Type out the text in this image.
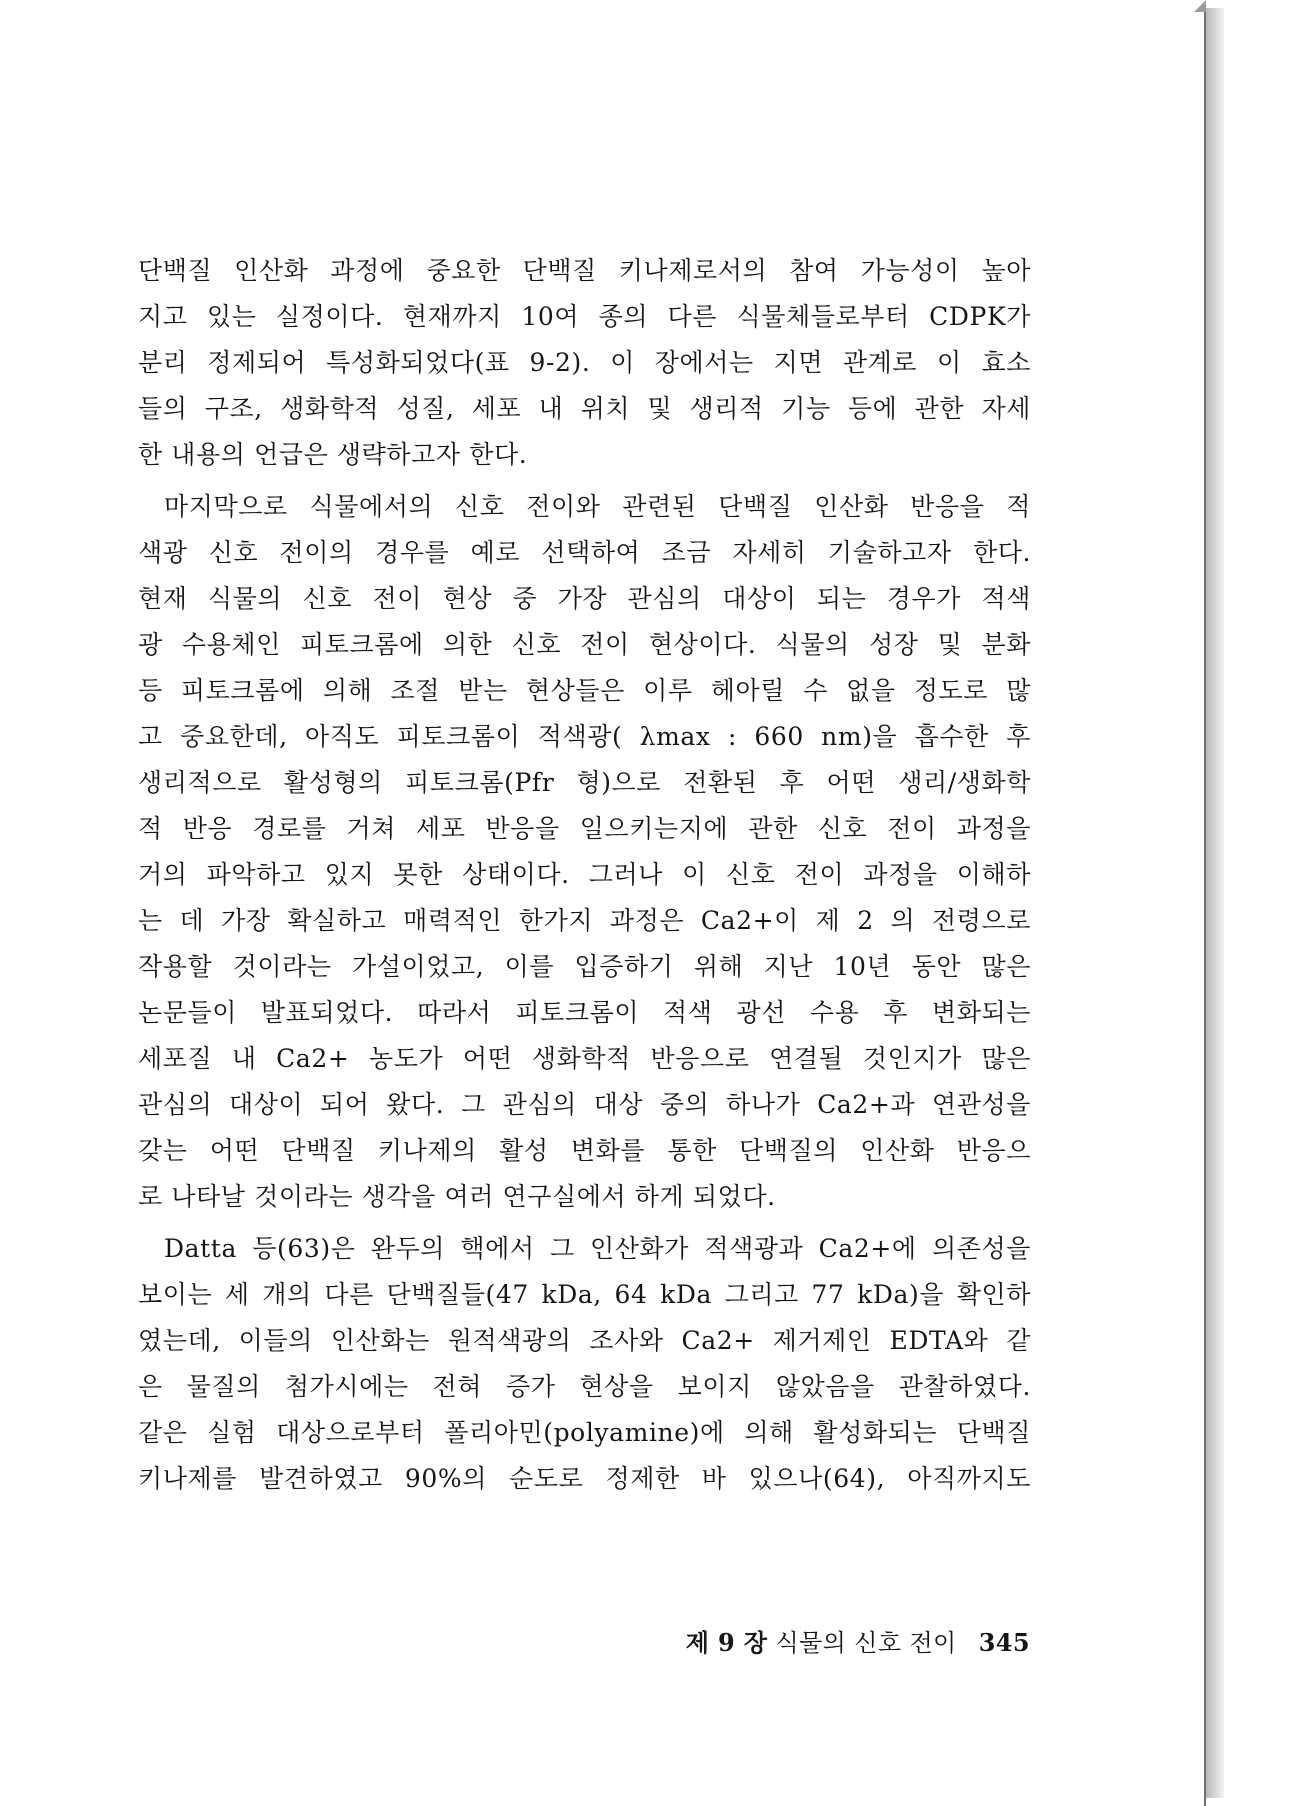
단백질 인산화 과정에 중요한 단백질 키나제로서의 참여 가능성이 높아
지고 있는 실정이다. 현재까지 10여 종의 다른 식물체들로부터 CDPK가
분리 정제되어 특성화되었다(표 9-2). 이 장에서는 지면 관계로 이 효소
들의 구조, 생화학적 성질, 세포 내 위치 및 생리적 기능 등에 관한 자세
한 내용의 언급은 생략하고자 한다.
마지막으로 식물에서의 신호 전이와 관련된 단백질 인산화 반응을 적
색광 신호 전이의 경우를 예로 선택하여 조금 자세히 기술하고자 한다.
현재 식물의 신호 전이 현상 중 가장 관심의 대상이 되는 경우가 적색
광 수용체인 피토크롬에 의한 신호 전이 현상이다. 식물의 성장 및 분화
등 피토크롬에 의해 조절 받는 현상들은 이루 헤아릴 수 없을 정도로 많
고 중요한데, 아직도 피토크롬이 적색광( λmax : 660 nm)을 흡수한 후
생리적으로 활성형의 피토크롬(Pfr 형)으로 전환된 후 어떤 생리/생화학
적 반응 경로를 거쳐 세포 반응을 일으키는지에 관한 신호 전이 과정을
거의 파악하고 있지 못한 상태이다. 그러나 이 신호 전이 과정을 이해하
는 데 가장 확실하고 매력적인 한가지 과정은 Ca2+이 제 2 의 전령으로
작용할 것이라는 가설이었고, 이를 입증하기 위해 지난 10년 동안 많은
논문들이 발표되었다. 따라서 피토크롬이 적색 광선 수용 후 변화되는
세포질 내 Ca2+ 농도가 어떤 생화학적 반응으로 연결될 것인지가 많은
관심의 대상이 되어 왔다. 그 관심의 대상 중의 하나가 Ca2+과 연관성을
갖는 어떤 단백질 키나제의 활성 변화를 통한 단백질의 인산화 반응으
로 나타날 것이라는 생각을 여러 연구실에서 하게 되었다.
Datta 등(63)은 완두의 핵에서 그 인산화가 적색광과 Ca2+에 의존성을
보이는 세 개의 다른 단백질들(47 kDa, 64 kDa 그리고 77 kDa)을 확인하
였는데, 이들의 인산화는 원적색광의 조사와 Ca2+ 제거제인 EDTA와 같
은 물질의 첨가시에는 전혀 증가 현상을 보이지 않았음을 관찰하였다.
같은 실험 대상으로부터 폴리아민(polyamine)에 의해 활성화되는 단백질
키나제를 발견하였고 90%의 순도로 정제한 바 있으나(64), 아직까지도
제 9 장 식물의 신호 전이 345
